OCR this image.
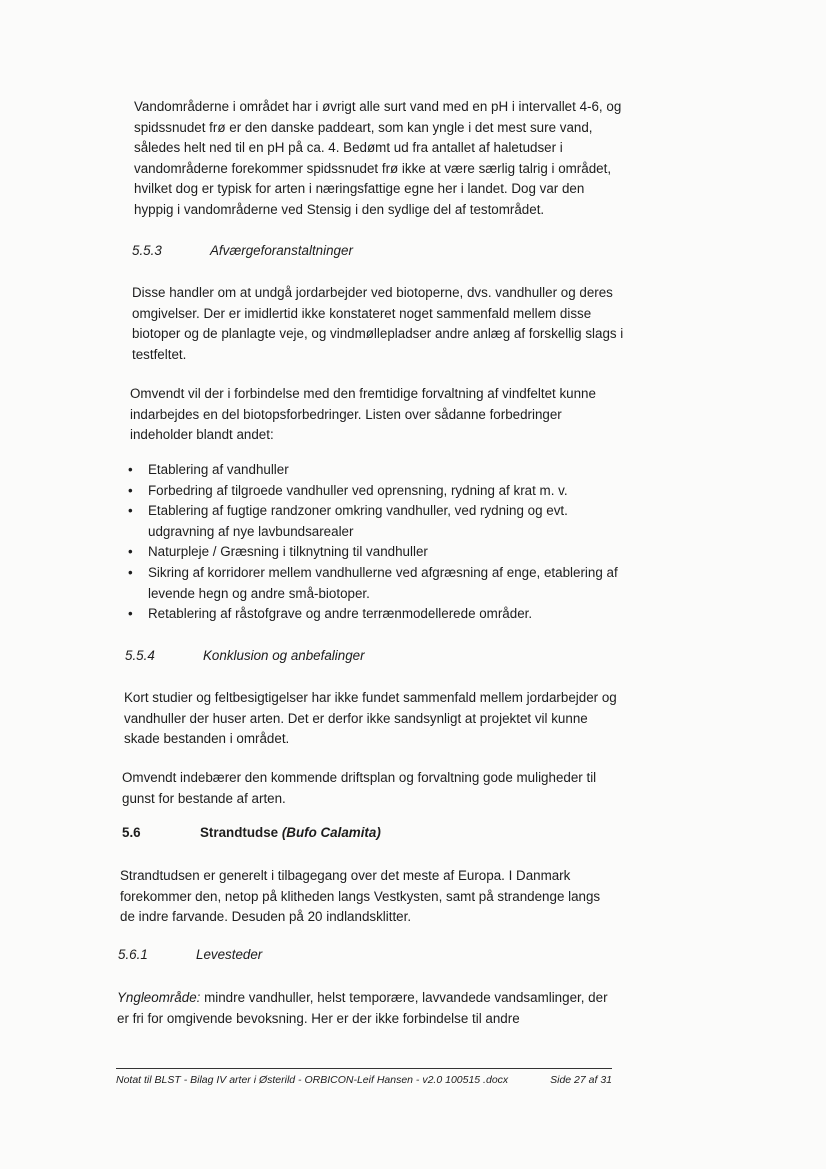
Vandområderne i området har i øvrigt alle surt vand med en pH i intervallet 4-6, og spidssnudet frø er den danske paddeart, som kan yngle i det mest sure vand, således helt ned til en pH på ca. 4. Bedømt ud fra antallet af haletudser i vandområderne forekommer spidssnudet frø ikke at være særlig talrig i området, hvilket dog er typisk for arten i næringsfattige egne her i landet. Dog var den hyppig i vandområderne ved Stensig i den sydlige del af testområdet.

5.5.3	Afværgeforanstaltninger

Disse handler om at undgå jordarbejder ved biotoperne, dvs. vandhuller og deres omgivelser. Der er imidlertid ikke konstateret noget sammenfald mellem disse biotoper og de planlagte veje, og vindmøllepladser andre anlæg af forskellig slags i testfeltet.

Omvendt vil der i forbindelse med den fremtidige forvaltning af vindfeltet kunne indarbejdes en del biotopsforbedringer. Listen over sådanne forbedringer indeholder blandt andet:

• Etablering af vandhuller
• Forbedring af tilgroede vandhuller ved oprensning, rydning af krat m. v.
• Etablering af fugtige randzoner omkring vandhuller, ved rydning og evt. udgravning af nye lavbundsarealer
• Naturpleje / Græsning i tilknytning til vandhuller
• Sikring af korridorer mellem vandhullerne ved afgræsning af enge, etablering af levende hegn og andre små-biotoper.
• Retablering af råstofgrave og andre terrænmodellerede områder.
5.5.4	Konklusion og anbefalinger

Kort studier og feltbesigtigelser har ikke fundet sammenfald mellem jordarbejder og vandhuller der huser arten. Det er derfor ikke sandsynligt at projektet vil kunne skade bestanden i området.

Omvendt indebærer den kommende driftsplan og forvaltning gode muligheder til gunst for bestande af arten.

5.6	Strandtudse (Bufo Calamita)

Strandtudsen er generelt i tilbagegang over det meste af Europa. I Danmark forekommer den, netop på klitheden langs Vestkysten, samt på strandenge langs de indre farvande. Desuden på 20 indlandsklitter.

5.6.1	Levesteder

Yngleområde: mindre vandhuller, helst temporære, lavvandede vandsamlinger, der er fri for omgivende bevoksning. Her er der ikke forbindelse til andre

Notat til BLST - Bilag IV arter i Østerild - ORBICON-Leif Hansen - v2.0 100515 .docx	Side 27 af 31
